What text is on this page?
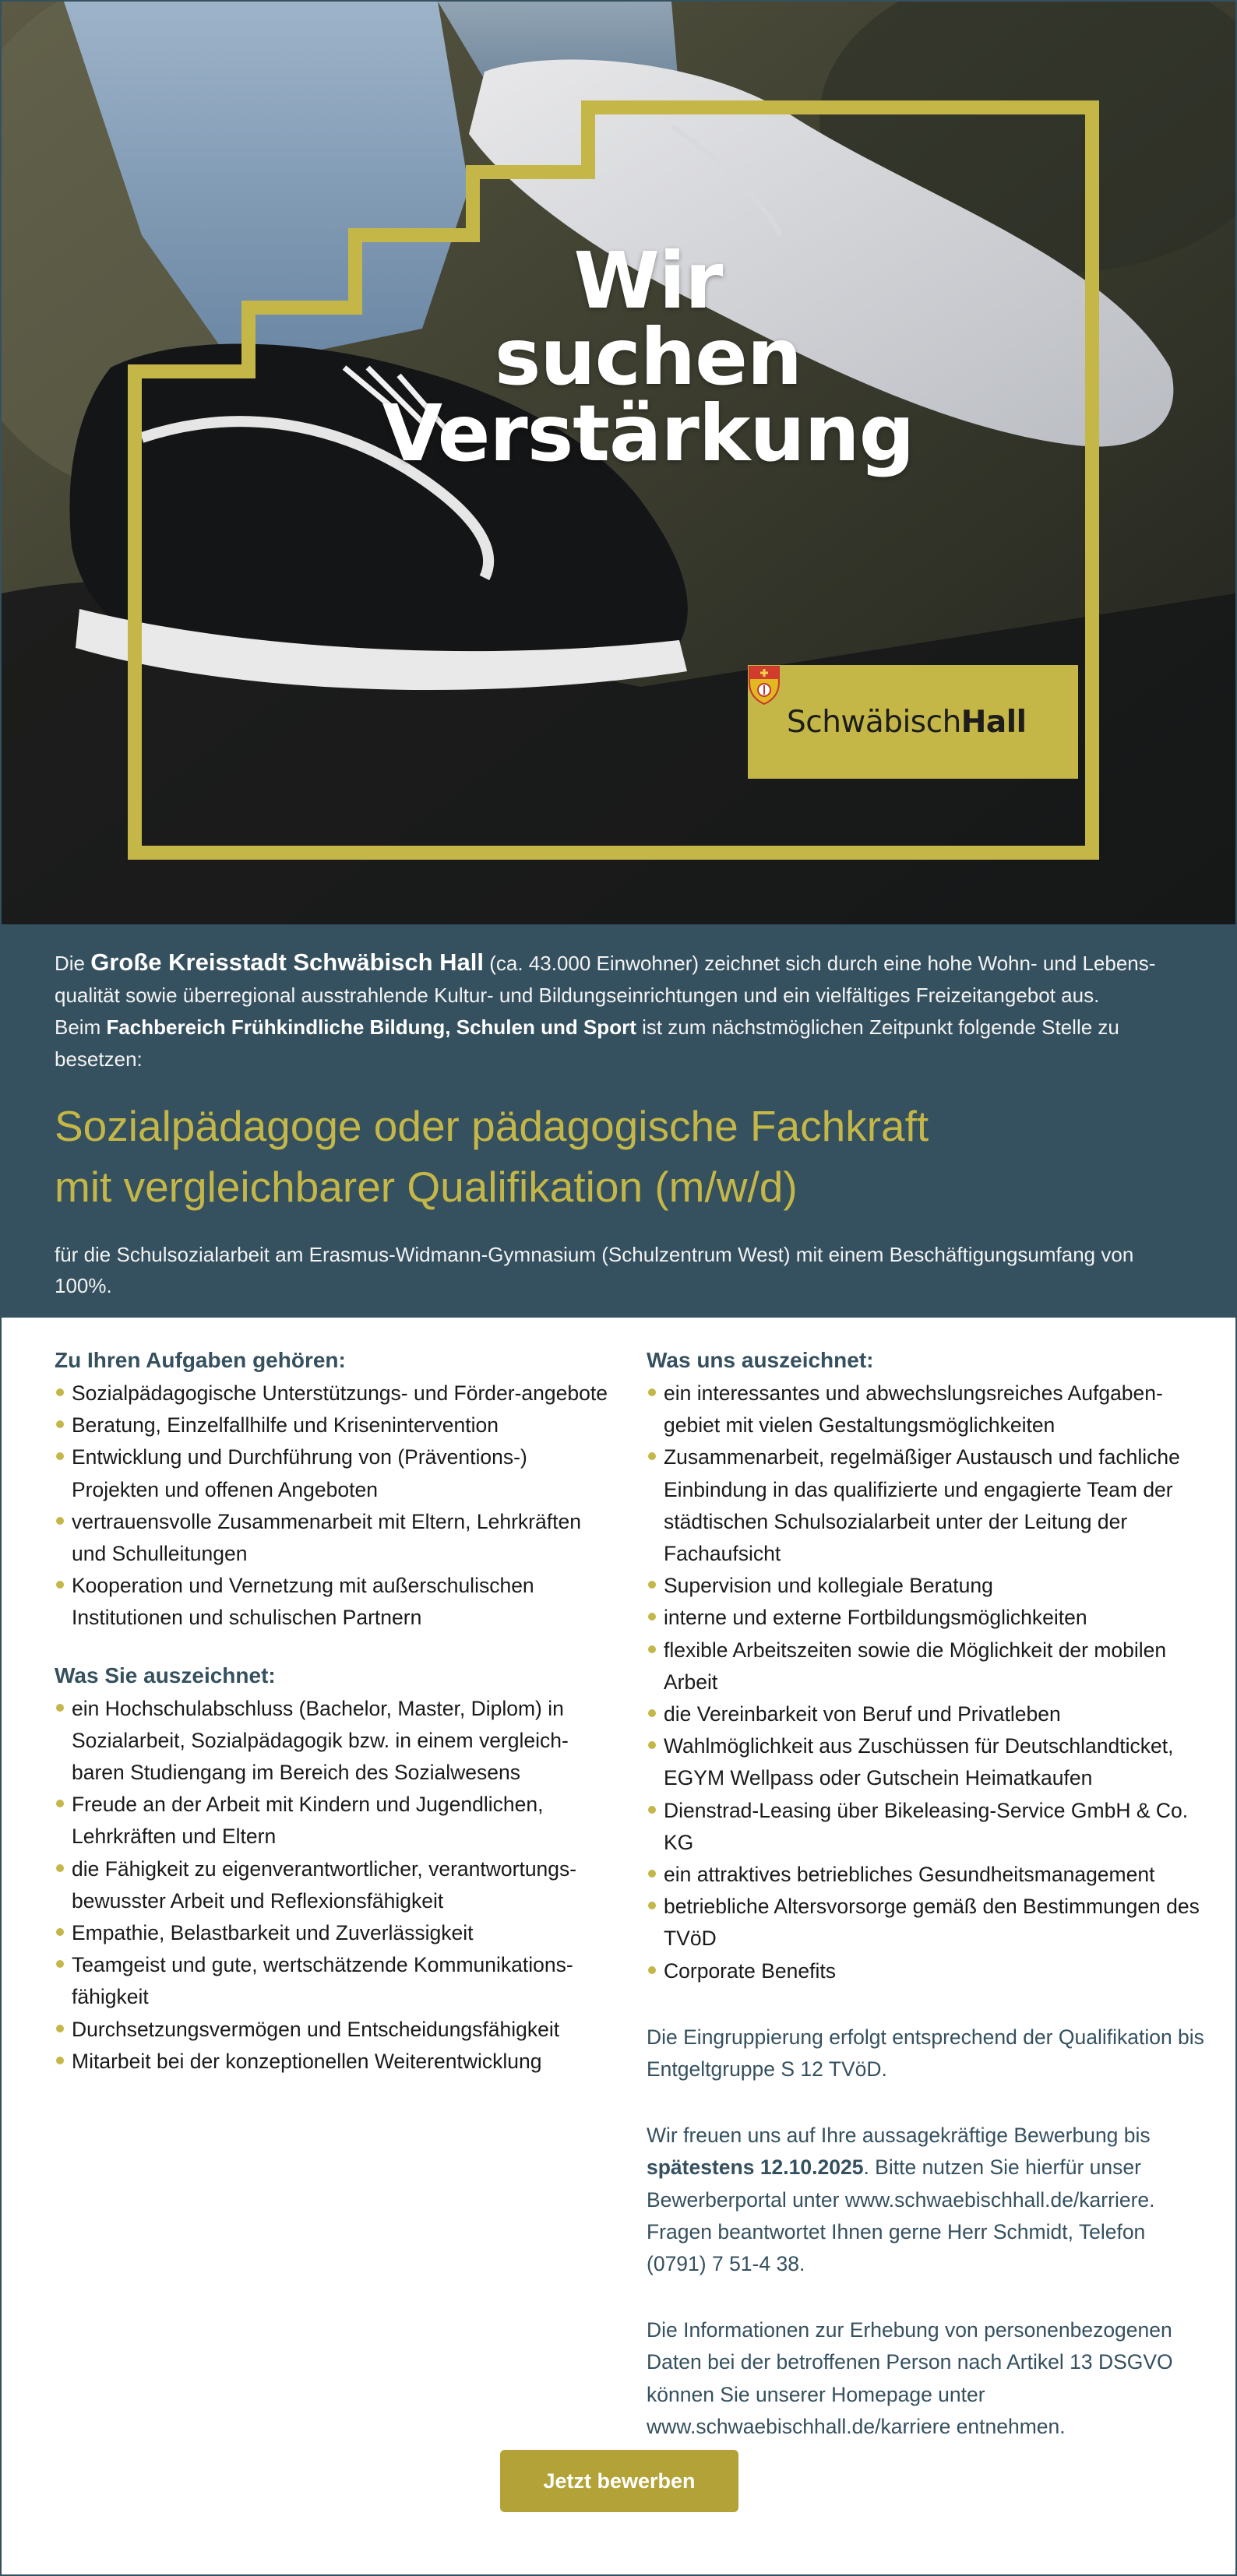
Wir
suchen
Verstärkung
SchwäbischHall

Die Große Kreisstadt Schwäbisch Hall (ca. 43.000 Einwohner) zeichnet sich durch eine hohe Wohn- und Lebens-qualität sowie überregional ausstrahlende Kultur- und Bildungseinrichtungen und ein vielfältiges Freizeitangebot aus.

Beim Fachbereich Frühkindliche Bildung, Schulen und Sport ist zum nächstmöglichen Zeitpunkt folgende Stelle zu besetzen:

Sozialpädagoge oder pädagogische Fachkraft
mit vergleichbarer Qualifikation (m/w/d)

für die Schulsozialarbeit am Erasmus-Widmann-Gymnasium (Schulzentrum West) mit einem Beschäftigungsumfang von 100%.

Zu Ihren Aufgaben gehören:
Sozialpädagogische Unterstützungs- und Förder-angebote
Beratung, Einzelfallhilfe und Krisenintervention
Entwicklung und Durchführung von (Präventions-) Projekten und offenen Angeboten
vertrauensvolle Zusammenarbeit mit Eltern, Lehrkräften und Schulleitungen
Kooperation und Vernetzung mit außerschulischen Institutionen und schulischen Partnern
Was Sie auszeichnet:
ein Hochschulabschluss (Bachelor, Master, Diplom) in Sozialarbeit, Sozialpädagogik bzw. in einem vergleich-baren Studiengang im Bereich des Sozialwesens
Freude an der Arbeit mit Kindern und Jugendlichen, Lehrkräften und Eltern
die Fähigkeit zu eigenverantwortlicher, verantwortungs-bewusster Arbeit und Reflexionsfähigkeit
Empathie, Belastbarkeit und Zuverlässigkeit
Teamgeist und gute, wertschätzende Kommunikations-fähigkeit
Durchsetzungsvermögen und Entscheidungsfähigkeit
Mitarbeit bei der konzeptionellen Weiterentwicklung
Was uns auszeichnet:
ein interessantes und abwechslungsreiches Aufgaben-gebiet mit vielen Gestaltungsmöglichkeiten
Zusammenarbeit, regelmäßiger Austausch und fachliche Einbindung in das qualifizierte und engagierte Team der städtischen Schulsozialarbeit unter der Leitung der Fachaufsicht
Supervision und kollegiale Beratung
interne und externe Fortbildungsmöglichkeiten
flexible Arbeitszeiten sowie die Möglichkeit der mobilen Arbeit
die Vereinbarkeit von Beruf und Privatleben
Wahlmöglichkeit aus Zuschüssen für Deutschlandticket, EGYM Wellpass oder Gutschein Heimatkaufen
Dienstrad-Leasing über Bikeleasing-Service GmbH & Co. KG
ein attraktives betriebliches Gesundheitsmanagement
betriebliche Altersvorsorge gemäß den Bestimmungen des TVöD
Corporate Benefits

Die Eingruppierung erfolgt entsprechend der Qualifikation bis Entgeltgruppe S 12 TVöD.

Wir freuen uns auf Ihre aussagekräftige Bewerbung bis spätestens 12.10.2025. Bitte nutzen Sie hierfür unser Bewerberportal unter www.schwaebischhall.de/karriere. Fragen beantwortet Ihnen gerne Herr Schmidt, Telefon (0791) 7 51-4 38.

Die Informationen zur Erhebung von personenbezogenen Daten bei der betroffenen Person nach Artikel 13 DSGVO können Sie unserer Homepage unter www.schwaebischhall.de/karriere entnehmen.

Jetzt bewerben
